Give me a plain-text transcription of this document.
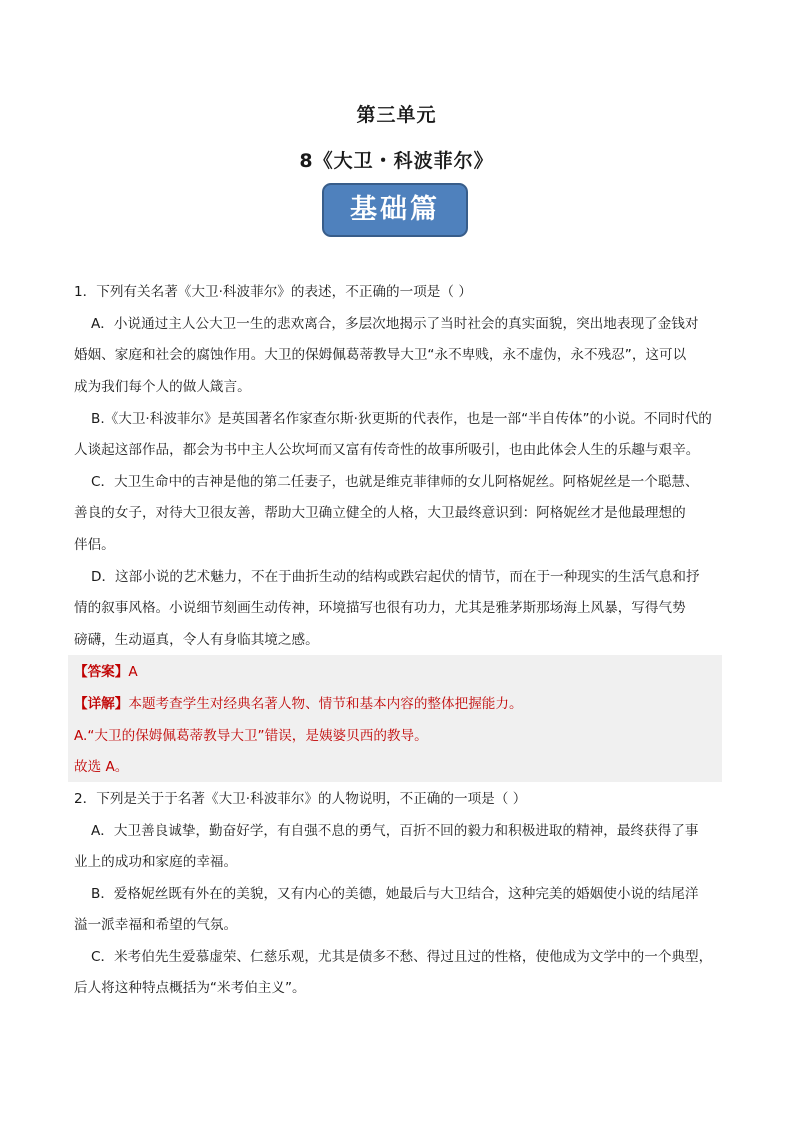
第三单元
8《大卫・科波菲尔》
基础篇
1．下列有关名著《大卫·科波菲尔》的表述，不正确的一项是（ ）
A．小说通过主人公大卫一生的悲欢离合，多层次地揭示了当时社会的真实面貌，突出地表现了金钱对
婚姻、家庭和社会的腐蚀作用。大卫的保姆佩葛蒂教导大卫“永不卑贱，永不虚伪，永不残忍”，这可以
成为我们每个人的做人箴言。
B.《大卫·科波菲尔》是英国著名作家查尔斯·狄更斯的代表作，也是一部“半自传体”的小说。不同时代的
人谈起这部作品，都会为书中主人公坎坷而又富有传奇性的故事所吸引，也由此体会人生的乐趣与艰辛。
C．大卫生命中的吉神是他的第二任妻子，也就是维克菲律师的女儿阿格妮丝。阿格妮丝是一个聪慧、
善良的女子，对待大卫很友善，帮助大卫确立健全的人格，大卫最终意识到：阿格妮丝才是他最理想的
伴侣。
D．这部小说的艺术魅力，不在于曲折生动的结构或跌宕起伏的情节，而在于一种现实的生活气息和抒
情的叙事风格。小说细节刻画生动传神，环境描写也很有功力，尤其是雅茅斯那场海上风暴，写得气势
磅礴，生动逼真，令人有身临其境之感。
【答案】A
【详解】本题考查学生对经典名著人物、情节和基本内容的整体把握能力。
A.“大卫的保姆佩葛蒂教导大卫”错误，是姨婆贝西的教导。
故选 A。
2．下列是关于于名著《大卫·科波菲尔》的人物说明，不正确的一项是（ ）
A．大卫善良诚挚，勤奋好学，有自强不息的勇气，百折不回的毅力和积极进取的精神，最终获得了事
业上的成功和家庭的幸福。
B．爱格妮丝既有外在的美貌，又有内心的美德，她最后与大卫结合，这种完美的婚姻使小说的结尾洋
溢一派幸福和希望的气氛。
C．米考伯先生爱慕虚荣、仁慈乐观，尤其是债多不愁、得过且过的性格，使他成为文学中的一个典型，
后人将这种特点概括为“米考伯主义”。
